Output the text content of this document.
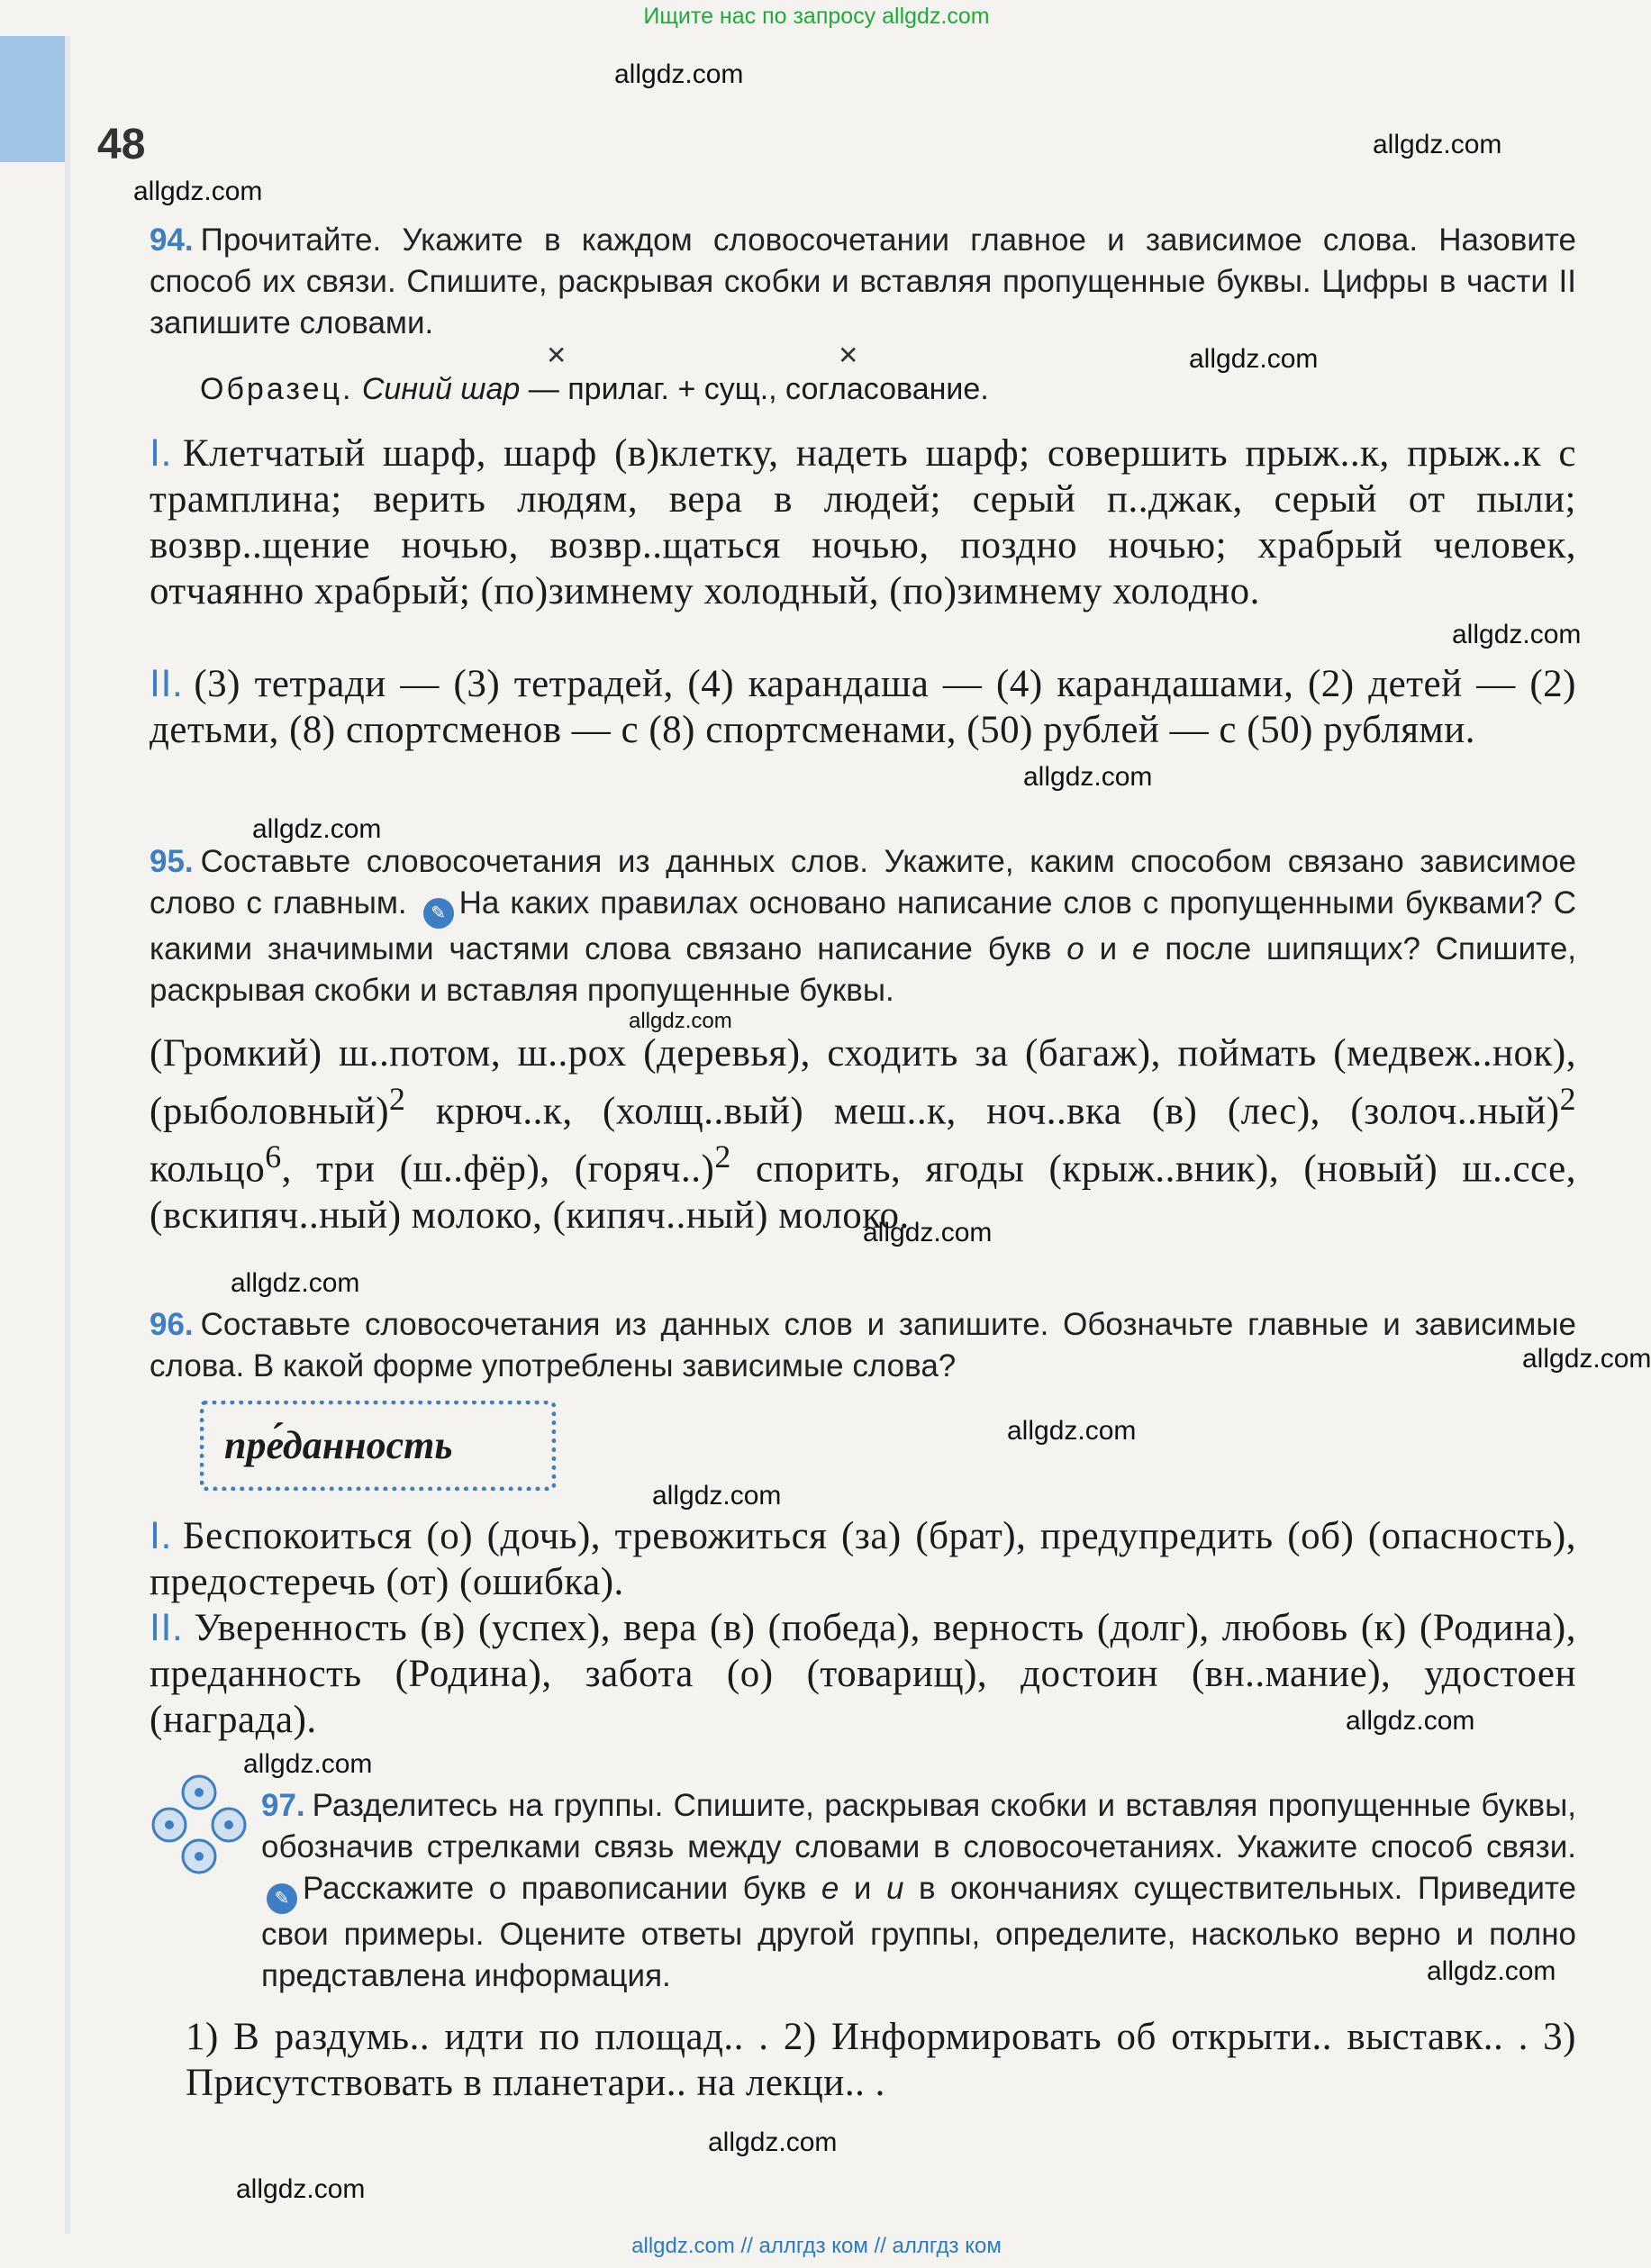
Ищите нас по запросу allgdz.com
48
94. Прочитайте. Укажите в каждом словосочетании главное и зависимое слова. Назовите способ их связи. Спишите, раскрывая скобки и вставляя пропущенные буквы. Цифры в части II запишите словами.
✕	✕
Образец. Синий шар — прилаг. + сущ., согласование.
I. Клетчатый шарф, шарф (в)клетку, надеть шарф; совершить прыж..к, прыж..к с трамплина; верить людям, вера в людей; серый п..джак, серый от пыли; возвр..щение ночью, возвр..щаться ночью, поздно ночью; храбрый человек, отчаянно храбрый; (по)зимнему холодный, (по)зимнему холодно.
II. (3) тетради — (3) тетрадей, (4) карандаша — (4) карандашами, (2) детей — (2) детьми, (8) спортсменов — с (8) спортсменами, (50) рублей — с (50) рублями.
95. Составьте словосочетания из данных слов. Укажите, каким способом связано зависимое слово с главным. ✎ На каких правилах основано написание слов с пропущенными буквами? С какими значимыми частями слова связано написание букв о и е после шипящих? Спишите, раскрывая скобки и вставляя пропущенные буквы.
(Громкий) ш..потом, ш..рох (деревья), сходить за (багаж), поймать (медвеж..нок), (рыболовный)$^2$ крюч..к, (холщ..вый) меш..к, ноч..вка (в) (лес), (золоч..ный)$^2$ кольцо$^6$, три (ш..фёр), (горяч..)$^2$ спорить, ягоды (крыж..вник), (новый) ш..ссе, (вскипяч..ный) молоко, (кипяч..ный) молоко.
96. Составьте словосочетания из данных слов и запишите. Обозначьте главные и зависимые слова. В какой форме употреблены зависимые слова?
пре́данность
I. Беспокоиться (о) (дочь), тревожиться (за) (брат), предупредить (об) (опасность), предостеречь (от) (ошибка).
II. Уверенность (в) (успех), вера (в) (победа), верность (долг), любовь (к) (Родина), преданность (Родина), забота (о) (товарищ), достоин (вн..мание), удостоен (награда).
97. Разделитесь на группы. Спишите, раскрывая скобки и вставляя пропущенные буквы, обозначив стрелками связь между словами в словосочетаниях. Укажите способ связи. ✎ Расскажите о правописании букв е и и в окончаниях существительных. Приведите свои примеры. Оцените ответы другой группы, определите, насколько верно и полно представлена информация.
1) В раздумь.. идти по площад.. . 2) Информировать об открыти.. выставк.. . 3) Присутствовать в планетари.. на лекци.. .
allgdz.com
allgdz.com
allgdz.com
allgdz.com
allgdz.com
allgdz.com
allgdz.com
allgdz.com
allgdz.com
allgdz.com
allgdz.com
allgdz.com
allgdz.com
allgdz.com
allgdz.com
allgdz.com
allgdz.com
allgdz.com
allgdz.com // аллгдз ком // аллгдз ком
